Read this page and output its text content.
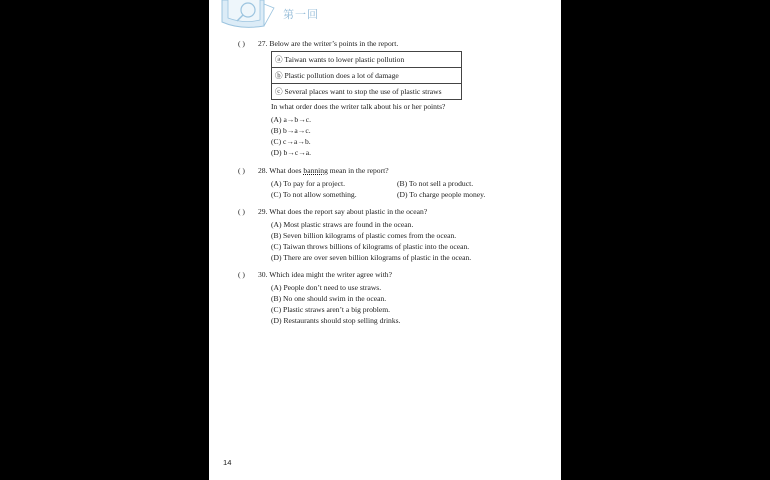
第一回
( ) 27. Below are the writer’s points in the report.
ⓐ Taiwan wants to lower plastic pollution
ⓑ Plastic pollution does a lot of damage
ⓒ Several places want to stop the use of plastic straws
In what order does the writer talk about his or her points?
(A) a→b→c.
(B) b→a→c.
(C) c→a→b.
(D) b→c→a.
( ) 28. What does banning mean in the report?
(A) To pay for a project.	(B) To not sell a product.
(C) To not allow something.	(D) To charge people money.
( ) 29. What does the report say about plastic in the ocean?
(A) Most plastic straws are found in the ocean.
(B) Seven billion kilograms of plastic comes from the ocean.
(C) Taiwan throws billions of kilograms of plastic into the ocean.
(D) There are over seven billion kilograms of plastic in the ocean.
( ) 30. Which idea might the writer agree with?
(A) People don’t need to use straws.
(B) No one should swim in the ocean.
(C) Plastic straws aren’t a big problem.
(D) Restaurants should stop selling drinks.
14
